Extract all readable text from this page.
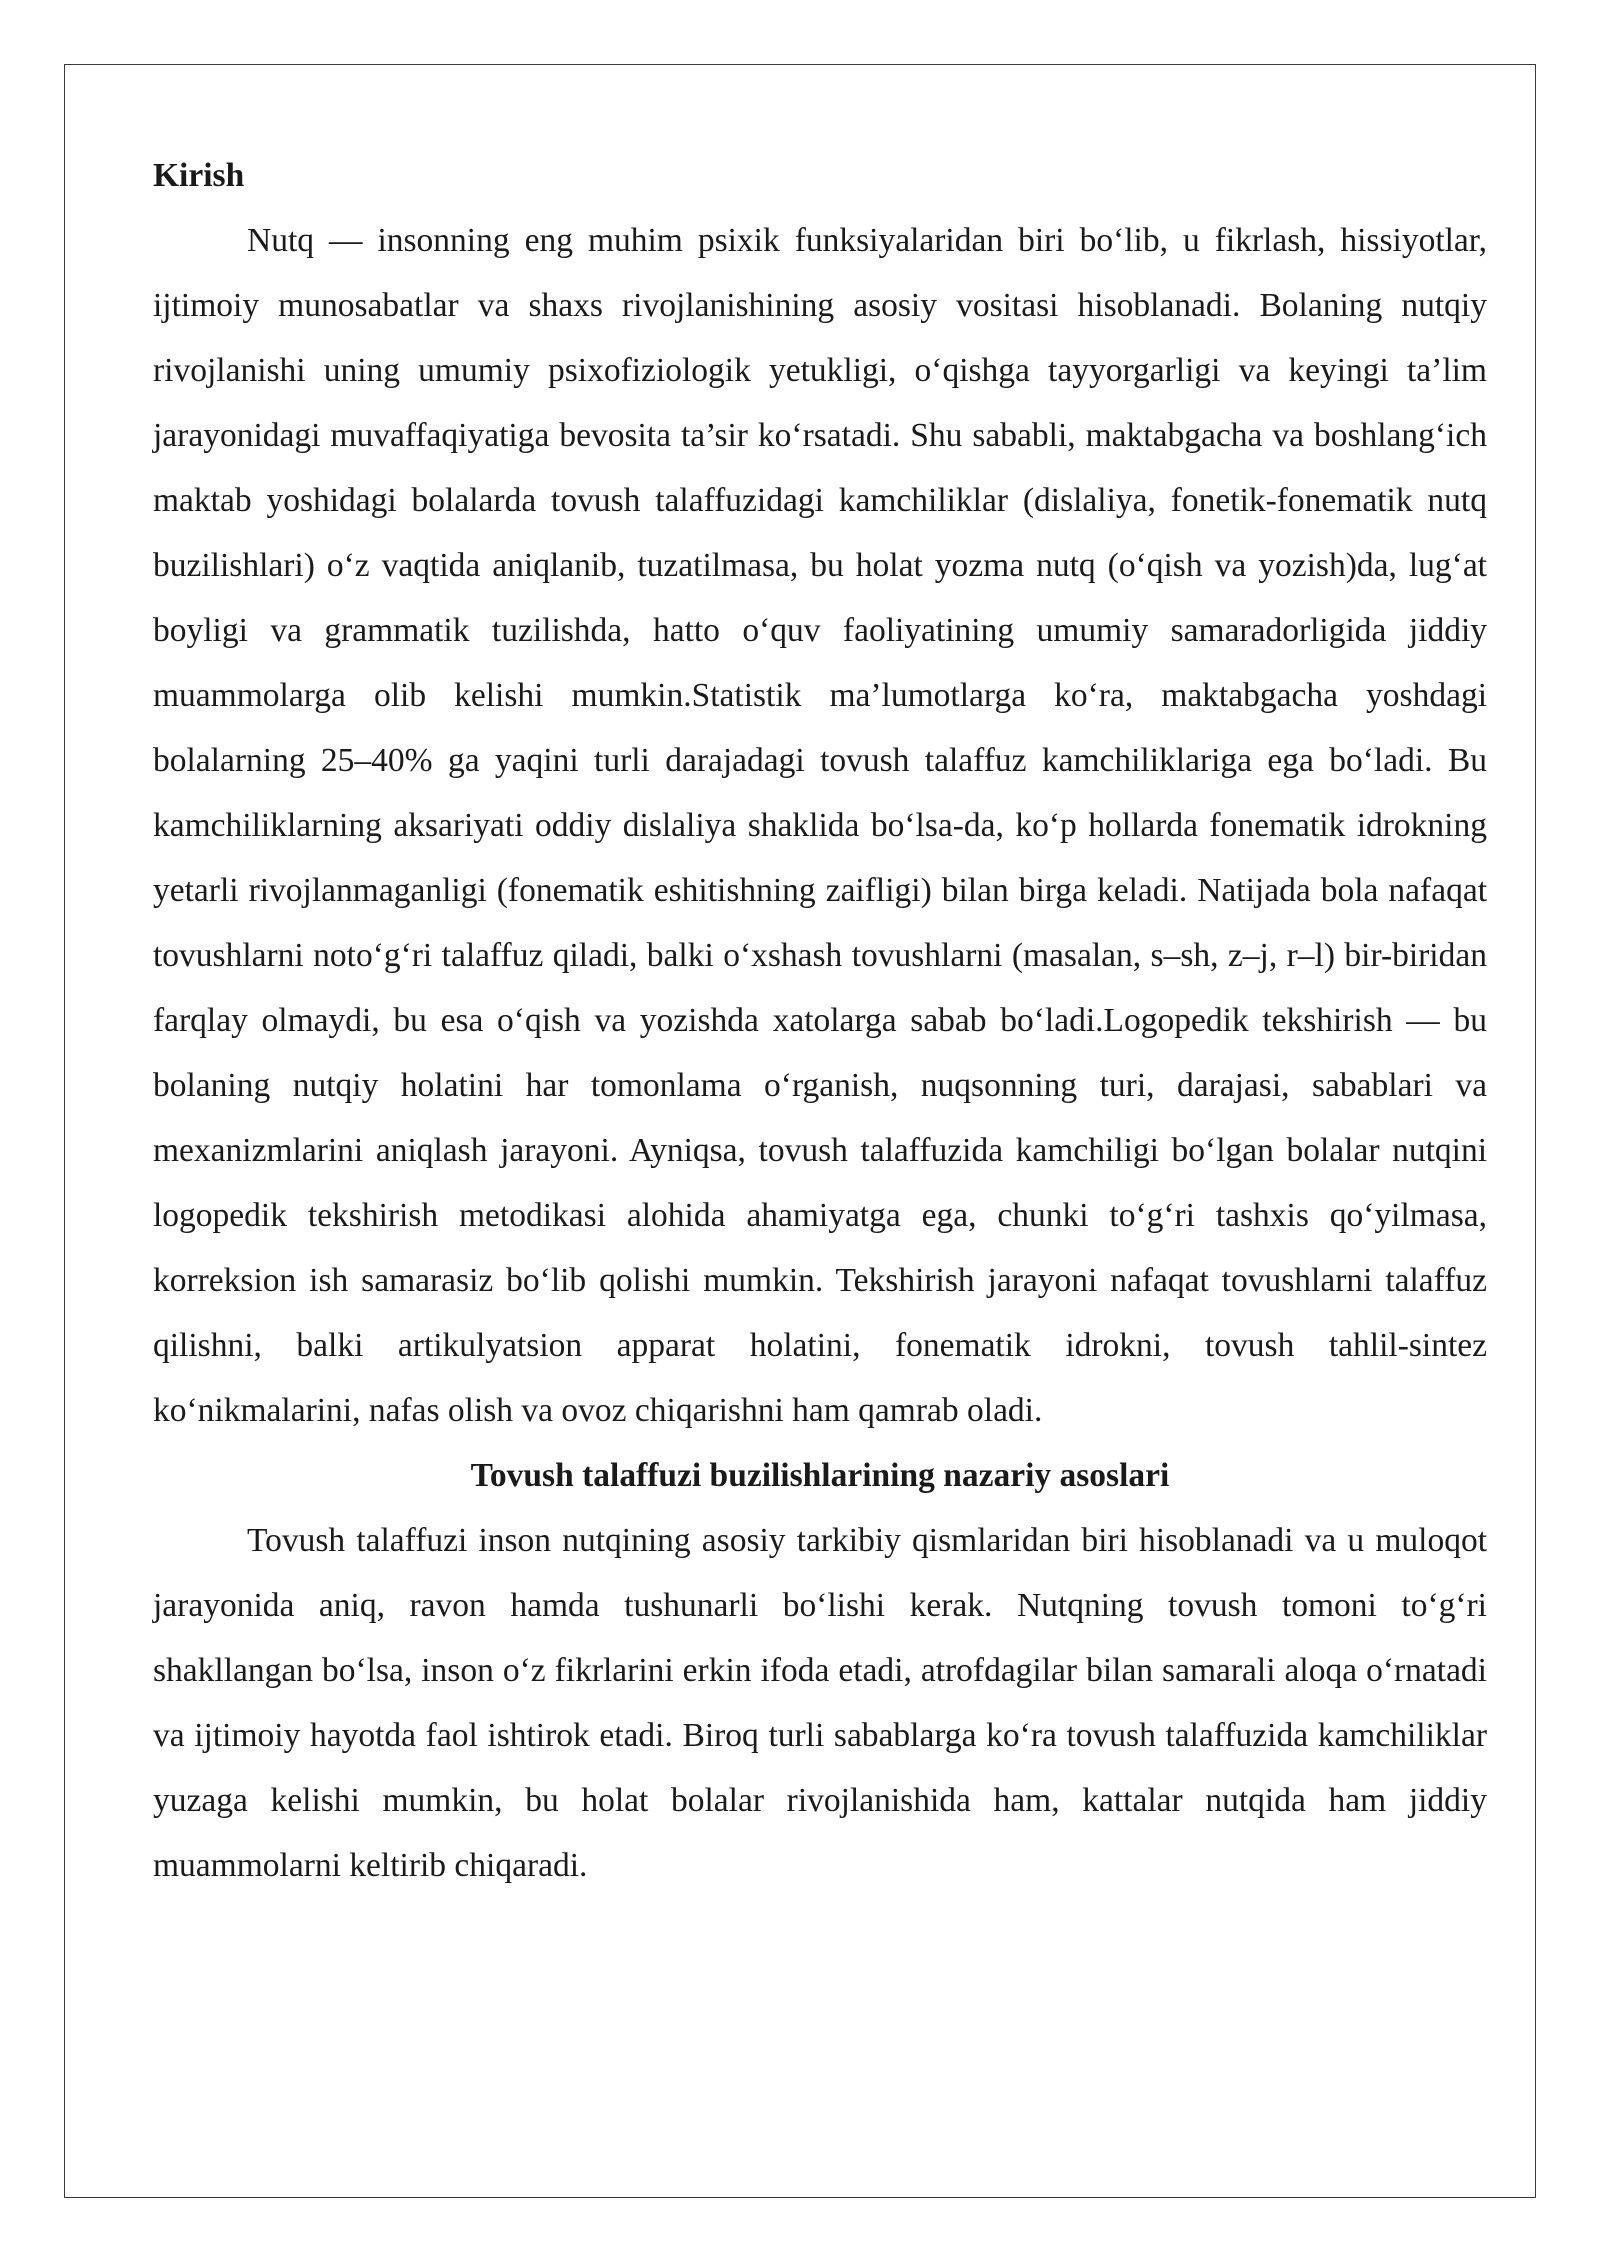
Kirish

Nutq — insonning eng muhim psixik funksiyalaridan biri bo‘lib, u fikrlash, hissiyotlar, ijtimoiy munosabatlar va shaxs rivojlanishining asosiy vositasi hisoblanadi. Bolaning nutqiy rivojlanishi uning umumiy psixofiziologik yetukligi, o‘qishga tayyorgarligi va keyingi ta’lim jarayonidagi muvaffaqiyatiga bevosita ta’sir ko‘rsatadi. Shu sababli, maktabgacha va boshlang‘ich maktab yoshidagi bolalarda tovush talaffuzidagi kamchiliklar (dislaliya, fonetik-fonematik nutq buzilishlari) o‘z vaqtida aniqlanib, tuzatilmasa, bu holat yozma nutq (o‘qish va yozish)da, lug‘at boyligi va grammatik tuzilishda, hatto o‘quv faoliyatining umumiy samaradorligida jiddiy muammolarga olib kelishi mumkin.Statistik ma’lumotlarga ko‘ra, maktabgacha yoshdagi bolalarning 25–40% ga yaqini turli darajadagi tovush talaffuz kamchiliklariga ega bo‘ladi. Bu kamchiliklarning aksariyati oddiy dislaliya shaklida bo‘lsa-da, ko‘p hollarda fonematik idrokning yetarli rivojlanmaganligi (fonematik eshitishning zaifligi) bilan birga keladi. Natijada bola nafaqat tovushlarni noto‘g‘ri talaffuz qiladi, balki o‘xshash tovushlarni (masalan, s–sh, z–j, r–l) bir-biridan farqlay olmaydi, bu esa o‘qish va yozishda xatolarga sabab bo‘ladi.Logopedik tekshirish — bu bolaning nutqiy holatini har tomonlama o‘rganish, nuqsonning turi, darajasi, sabablari va mexanizmlarini aniqlash jarayoni. Ayniqsa, tovush talaffuzida kamchiligi bo‘lgan bolalar nutqini logopedik tekshirish metodikasi alohida ahamiyatga ega, chunki to‘g‘ri tashxis qo‘yilmasa, korreksion ish samarasiz bo‘lib qolishi mumkin. Tekshirish jarayoni nafaqat tovushlarni talaffuz qilishni, balki artikulyatsion apparat holatini, fonematik idrokni, tovush tahlil-sintez ko‘nikmalarini, nafas olish va ovoz chiqarishni ham qamrab oladi.

Tovush talaffuzi buzilishlarining nazariy asoslari

Tovush talaffuzi inson nutqining asosiy tarkibiy qismlaridan biri hisoblanadi va u muloqot jarayonida aniq, ravon hamda tushunarli bo‘lishi kerak. Nutqning tovush tomoni to‘g‘ri shakllangan bo‘lsa, inson o‘z fikrlarini erkin ifoda etadi, atrofdagilar bilan samarali aloqa o‘rnatadi va ijtimoiy hayotda faol ishtirok etadi. Biroq turli sabablarga ko‘ra tovush talaffuzida kamchiliklar yuzaga kelishi mumkin, bu holat bolalar rivojlanishida ham, kattalar nutqida ham jiddiy muammolarni keltirib chiqaradi.
